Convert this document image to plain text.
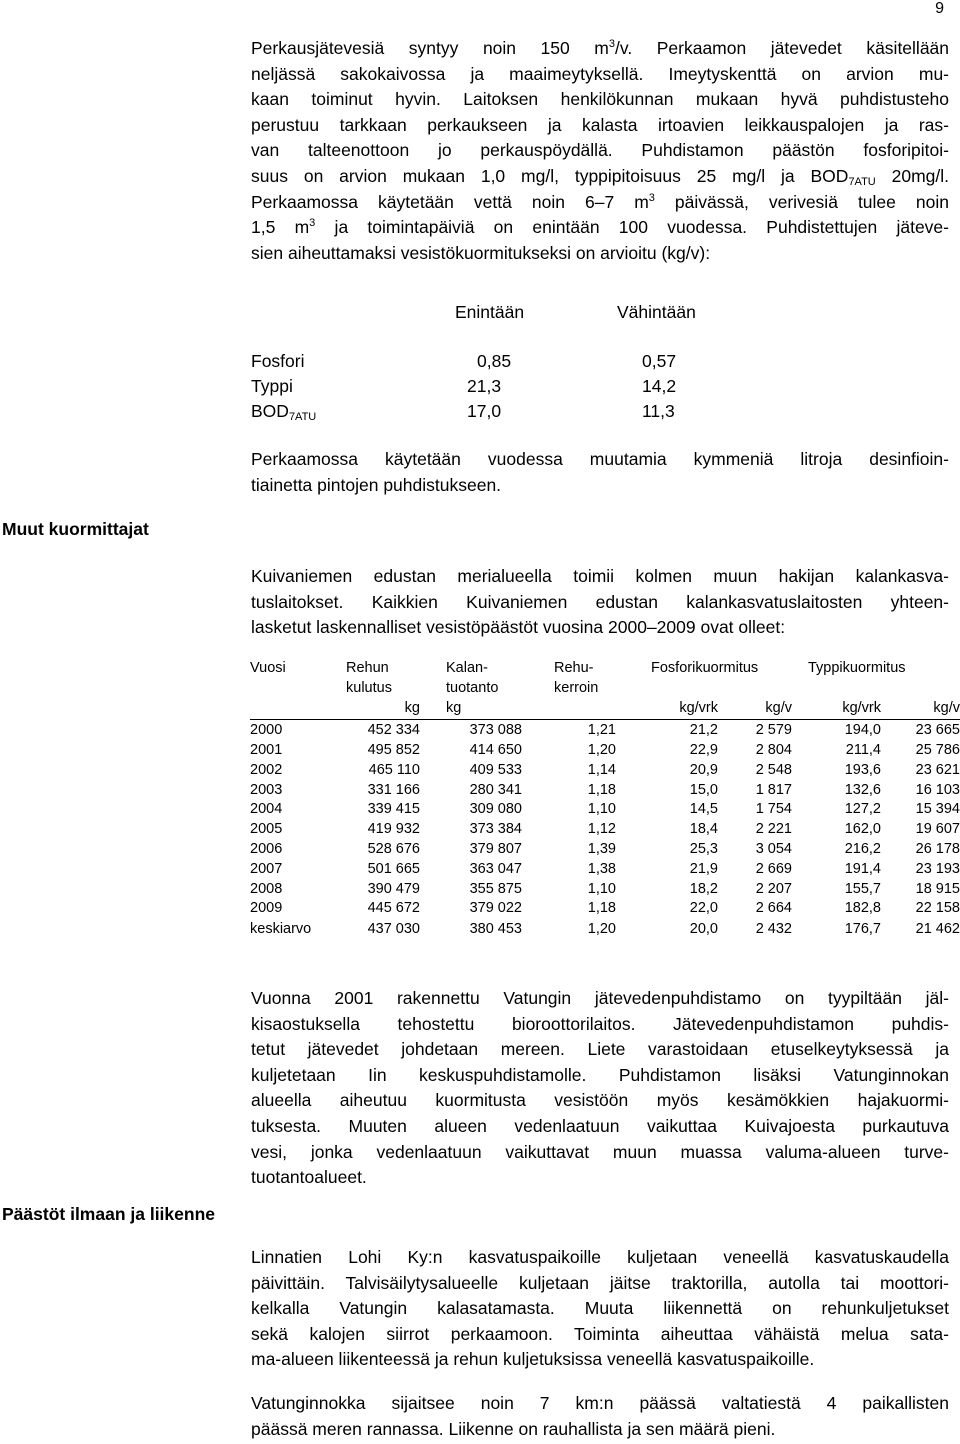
9
Perkausjätevesiä syntyy noin 150 $m^3/v$. Perkaamon jätevedet käsitellään
neljässä sakokaivossa ja maaimeytyksellä. Imeytyskenttä on arvion mu-
kaan toiminut hyvin. Laitoksen henkilökunnan mukaan hyvä puhdistusteho
perustuu tarkkaan perkaukseen ja kalasta irtoavien leikkauspalojen ja ras-
van talteenottoon jo perkauspöydällä. Puhdistamon päästön fosforipitoi-
suus on arvion mukaan 1,0 mg/l, typpipitoisuus 25 mg/l ja $BOD_{7ATU}$ 20mg/l.
Perkaamossa käytetään vettä noin 6–7 $m^3$ päivässä, verivesiä tulee noin
1,5 $m^3$ ja toimintapäiviä on enintään 100 vuodessa. Puhdistettujen jäteve-
sien aiheuttamaksi vesistökuormitukseksi on arvioitu (kg/v):
Enintään	Vähintään
Fosfori	0,85	0,57
Typpi	21,3	14,2
$BOD_{7ATU}$	17,0	11,3
Perkaamossa käytetään vuodessa muutamia kymmeniä litroja desinfioin-
tiainetta pintojen puhdistukseen.
Muut kuormittajat
Kuivaniemen edustan merialueella toimii kolmen muun hakijan kalankasva-
tuslaitokset. Kaikkien Kuivaniemen edustan kalankasvatuslaitosten yhteen-
lasketut laskennalliset vesistöpäästöt vuosina 2000–2009 ovat olleet:
Vuosi	Rehun	Kalan-	Rehu-	Fosforikuormitus		Typpikuormitus	
	kulutus	tuotanto	kerroin				
	kg	kg		kg/vrk	kg/v	kg/vrk	kg/v
2000	452 334	373 088	1,21	21,2	2 579	194,0	23 665
2001	495 852	414 650	1,20	22,9	2 804	211,4	25 786
2002	465 110	409 533	1,14	20,9	2 548	193,6	23 621
2003	331 166	280 341	1,18	15,0	1 817	132,6	16 103
2004	339 415	309 080	1,10	14,5	1 754	127,2	15 394
2005	419 932	373 384	1,12	18,4	2 221	162,0	19 607
2006	528 676	379 807	1,39	25,3	3 054	216,2	26 178
2007	501 665	363 047	1,38	21,9	2 669	191,4	23 193
2008	390 479	355 875	1,10	18,2	2 207	155,7	18 915
2009	445 672	379 022	1,18	22,0	2 664	182,8	22 158
keskiarvo	437 030	380 453	1,20	20,0	2 432	176,7	21 462
Vuonna 2001 rakennettu Vatungin jätevedenpuhdistamo on tyypiltään jäl-
kisaostuksella tehostettu bioroottorilaitos. Jätevedenpuhdistamon puhdis-
tetut jätevedet johdetaan mereen. Liete varastoidaan etuselkeytyksessä ja
kuljetetaan Iin keskuspuhdistamolle. Puhdistamon lisäksi Vatunginnokan
alueella aiheutuu kuormitusta vesistöön myös kesämökkien hajakuormi-
tuksesta. Muuten alueen vedenlaatuun vaikuttaa Kuivajoesta purkautuva
vesi, jonka vedenlaatuun vaikuttavat muun muassa valuma-alueen turve-
tuotantoalueet.
Päästöt ilmaan ja liikenne
Linnatien Lohi Ky:n kasvatuspaikoille kuljetaan veneellä kasvatuskaudella
päivittäin. Talvisäilytysalueelle kuljetaan jäitse traktorilla, autolla tai moottori-
kelkalla Vatungin kalasatamasta. Muuta liikennettä on rehunkuljetukset
sekä kalojen siirrot perkaamoon. Toiminta aiheuttaa vähäistä melua sata-
ma-alueen liikenteessä ja rehun kuljetuksissa veneellä kasvatuspaikoille.
Vatunginnokka sijaitsee noin 7 km:n päässä valtatiestä 4 paikallisten
päässä meren rannassa. Liikenne on rauhallista ja sen määrä pieni.
